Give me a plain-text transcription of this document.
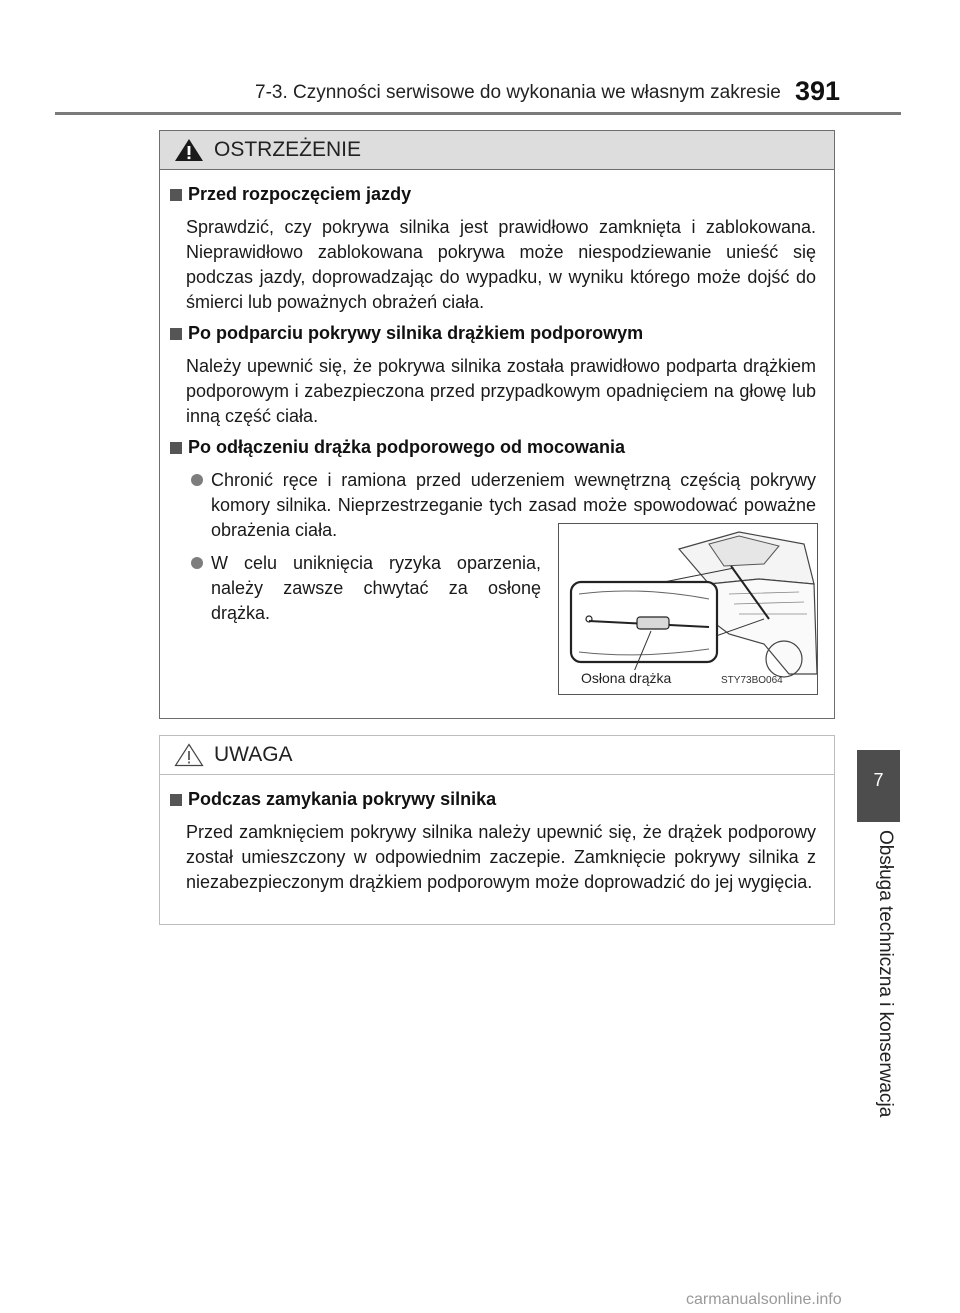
7-3. Czynności serwisowe do wykonania we własnym zakresie 391
7
Obsługa techniczna i konserwacja
OSTRZEŻENIE
Przed rozpoczęciem jazdy
Sprawdzić, czy pokrywa silnika jest prawidłowo zamknięta i zablokowana. Nieprawidłowo zablokowana pokrywa może niespodziewanie unieść się podczas jazdy, doprowadzając do wypadku, w wyniku którego może dojść do śmierci lub poważnych obrażeń ciała.
Po podparciu pokrywy silnika drążkiem podporowym
Należy upewnić się, że pokrywa silnika została prawidłowo podparta drążkiem podporowym i zabezpieczona przed przypadkowym opadnięciem na głowę lub inną część ciała.
Po odłączeniu drążka podporowego od mocowania
Chronić ręce i ramiona przed uderzeniem wewnętrzną częścią pokrywy komory silnika. Nieprzestrzeganie tych zasad może spowodować poważne obrażenia ciała.
W celu uniknięcia ryzyka oparzenia, należy zawsze chwytać za osłonę drążka.
Osłona drążka	STY73BO064
UWAGA
Podczas zamykania pokrywy silnika
Przed zamknięciem pokrywy silnika należy upewnić się, że drążek podporowy został umieszczony w odpowiednim zaczepie. Zamknięcie pokrywy silnika z niezabezpieczonym drążkiem podporowym może doprowadzić do jej wygięcia.
carmanualsonline.info
